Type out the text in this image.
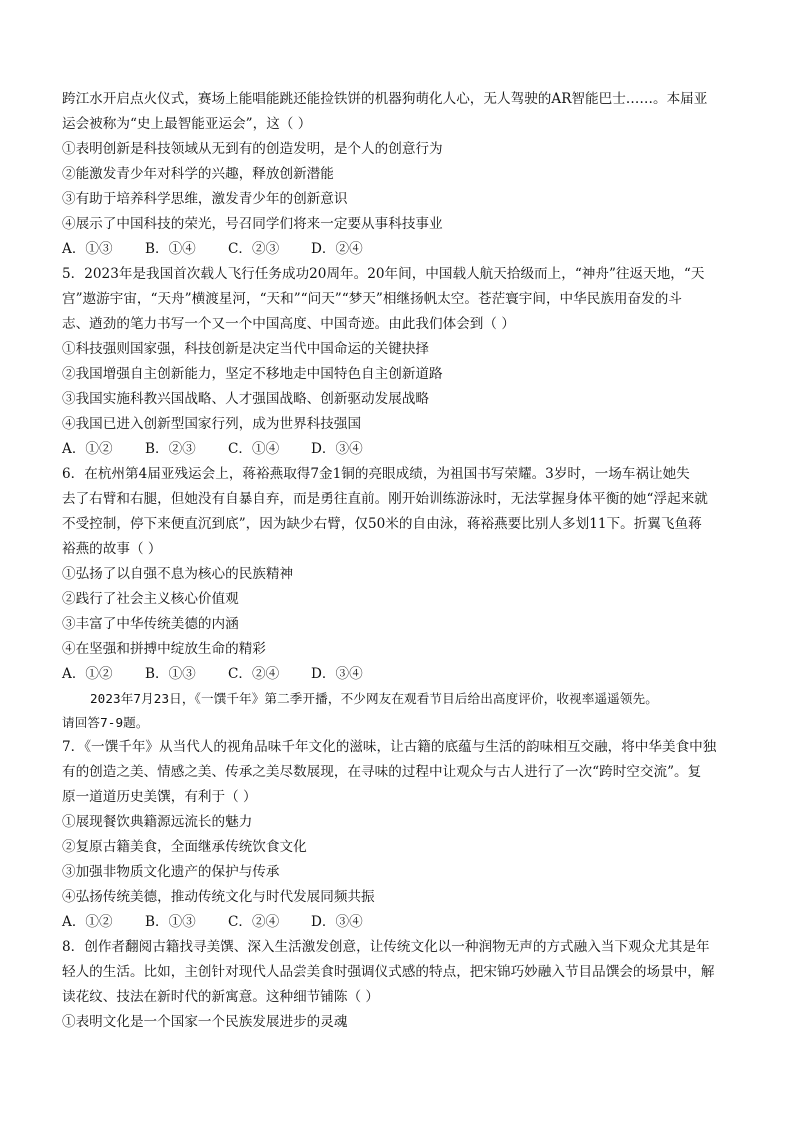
跨江水开启点火仪式，赛场上能唱能跳还能捡铁饼的机器狗萌化人心，无人驾驶的AR智能巴士……。本届亚
运会被称为“史上最智能亚运会”，这（ ）
①表明创新是科技领域从无到有的创造发明，是个人的创意行为
②能激发青少年对科学的兴趣，释放创新潜能
③有助于培养科学思维，激发青少年的创新意识
④展示了中国科技的荣光，号召同学们将来一定要从事科技事业
A．①③ B．①④ C．②③ D．②④
5．2023年是我国首次载人飞行任务成功20周年。20年间，中国载人航天拾级而上，“神舟”往返天地，“天
宫”遨游宇宙，“天舟”横渡星河，“天和”“问天”“梦天”相继扬帆太空。苍茫寰宇间，中华民族用奋发的斗
志、遒劲的笔力书写一个又一个中国高度、中国奇迹。由此我们体会到（ ）
①科技强则国家强，科技创新是决定当代中国命运的关键抉择
②我国增强自主创新能力，坚定不移地走中国特色自主创新道路
③我国实施科教兴国战略、人才强国战略、创新驱动发展战略
④我国已进入创新型国家行列，成为世界科技强国
A．①② B．②③ C．①④ D．③④
6．在杭州第4届亚残运会上，蒋裕燕取得7金1铜的亮眼成绩，为祖国书写荣耀。3岁时，一场车祸让她失
去了右臂和右腿，但她没有自暴自弃，而是勇往直前。刚开始训练游泳时，无法掌握身体平衡的她“浮起来就
不受控制，停下来便直沉到底”，因为缺少右臂，仅50米的自由泳，蒋裕燕要比别人多划11下。折翼飞鱼蒋
裕燕的故事（ ）
①弘扬了以自强不息为核心的民族精神
②践行了社会主义核心价值观
③丰富了中华传统美德的内涵
④在坚强和拼搏中绽放生命的精彩
A．①② B．①③ C．②④ D．③④
2023年7月23日，《一馔千年》第二季开播，不少网友在观看节目后给出高度评价，收视率遥遥领先。
请回答7-9题。
7．《一馔千年》从当代人的视角品味千年文化的滋味，让古籍的底蕴与生活的韵味相互交融，将中华美食中独
有的创造之美、情感之美、传承之美尽数展现，在寻味的过程中让观众与古人进行了一次“跨时空交流”。复
原一道道历史美馔，有利于（ ）
①展现餐饮典籍源远流长的魅力
②复原古籍美食，全面继承传统饮食文化
③加强非物质文化遗产的保护与传承
④弘扬传统美德，推动传统文化与时代发展同频共振
A．①② B．①③ C．②④ D．③④
8．创作者翻阅古籍找寻美馔、深入生活激发创意，让传统文化以一种润物无声的方式融入当下观众尤其是年
轻人的生活。比如，主创针对现代人品尝美食时强调仪式感的特点，把宋锦巧妙融入节目品馔会的场景中，解
读花纹、技法在新时代的新寓意。这种细节铺陈（ ）
①表明文化是一个国家一个民族发展进步的灵魂
